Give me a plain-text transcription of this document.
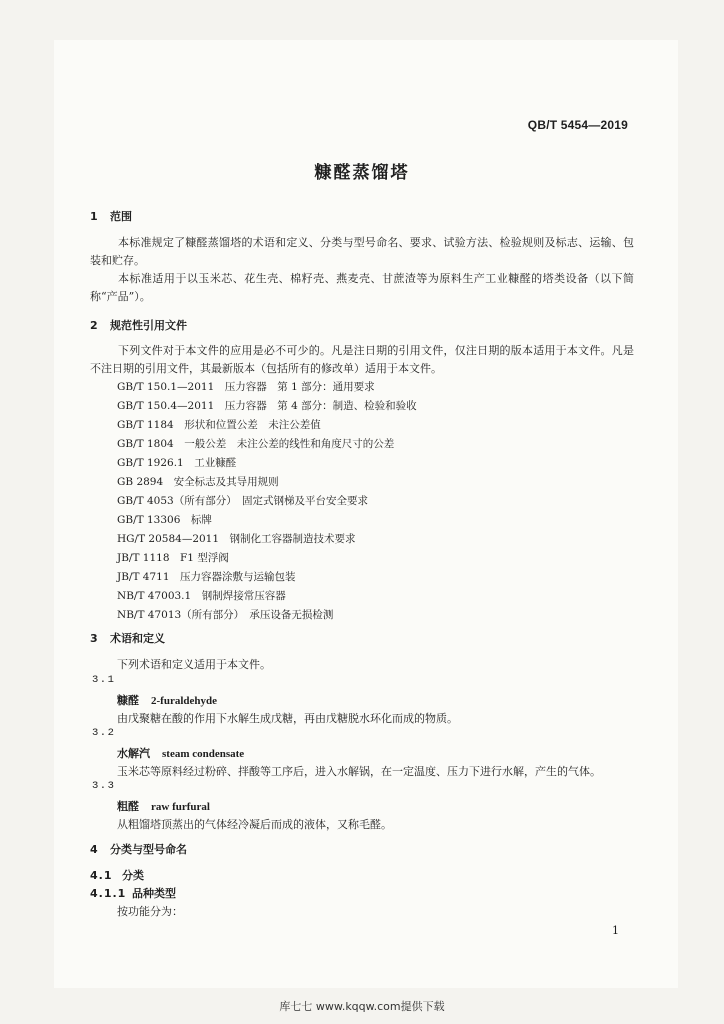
QB/T 5454—2019
糠醛蒸馏塔
1 范围
本标准规定了糠醛蒸馏塔的术语和定义、分类与型号命名、要求、试验方法、检验规则及标志、运输、包装和贮存。
本标准适用于以玉米芯、花生壳、棉籽壳、燕麦壳、甘蔗渣等为原料生产工业糠醛的塔类设备（以下简称“产品”）。
2 规范性引用文件
下列文件对于本文件的应用是必不可少的。凡是注日期的引用文件，仅注日期的版本适用于本文件。凡是不注日期的引用文件，其最新版本（包括所有的修改单）适用于本文件。
GB/T 150.1—2011　压力容器　第 1 部分：通用要求
GB/T 150.4—2011　压力容器　第 4 部分：制造、检验和验收
GB/T 1184　形状和位置公差　未注公差值
GB/T 1804　一般公差　未注公差的线性和角度尺寸的公差
GB/T 1926.1　工业糠醛
GB 2894　安全标志及其导用规则
GB/T 4053（所有部分）　固定式钢梯及平台安全要求
GB/T 13306　标牌
HG/T 20584—2011　钢制化工容器制造技术要求
JB/T 1118　F1 型浮阀
JB/T 4711　压力容器涂敷与运输包装
NB/T 47003.1　钢制焊接常压容器
NB/T 47013（所有部分）　承压设备无损检测
3 术语和定义
下列术语和定义适用于本文件。
3.1
糠醛 2-furaldehyde
由戊聚糖在酸的作用下水解生成戊糖，再由戊糖脱水环化而成的物质。
3.2
水解汽 steam condensate
玉米芯等原料经过粉碎、拌酸等工序后，进入水解锅，在一定温度、压力下进行水解，产生的气体。
3.3
粗醛 raw furfural
从粗馏塔顶蒸出的气体经冷凝后而成的液体，又称毛醛。
4 分类与型号命名
4.1 分类
4.1.1 品种类型
按功能分为：
1
库七七 www.kqqw.com提供下载
